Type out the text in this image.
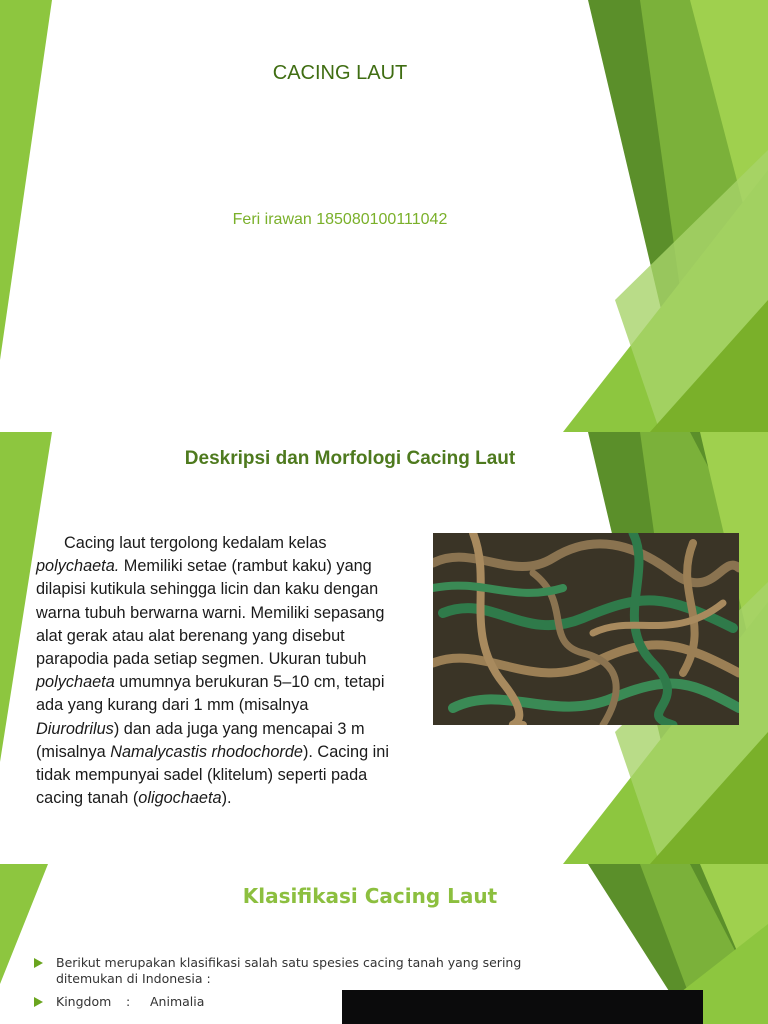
CACING LAUT
Feri irawan 185080100111042
Deskripsi dan Morfologi Cacing Laut

Cacing laut tergolong kedalam kelas polychaeta. Memiliki setae (rambut kaku) yang dilapisi kutikula sehingga licin dan kaku dengan warna tubuh berwarna warni. Memiliki sepasang alat gerak atau alat berenang yang disebut parapodia pada setiap segmen. Ukuran tubuh polychaeta umumnya berukuran 5–10 cm, tetapi ada yang kurang dari 1 mm (misalnya Diurodrilus) dan ada juga yang mencapai 3 m (misalnya Namalycastis rhodochorde). Cacing ini tidak mempunyai sadel (klitelum) seperti pada cacing tanah (oligochaeta).

Klasifikasi Cacing Laut
Berikut merupakan klasifikasi salah satu spesies cacing tanah yang sering ditemukan di Indonesia :
Kingdom : Animalia
